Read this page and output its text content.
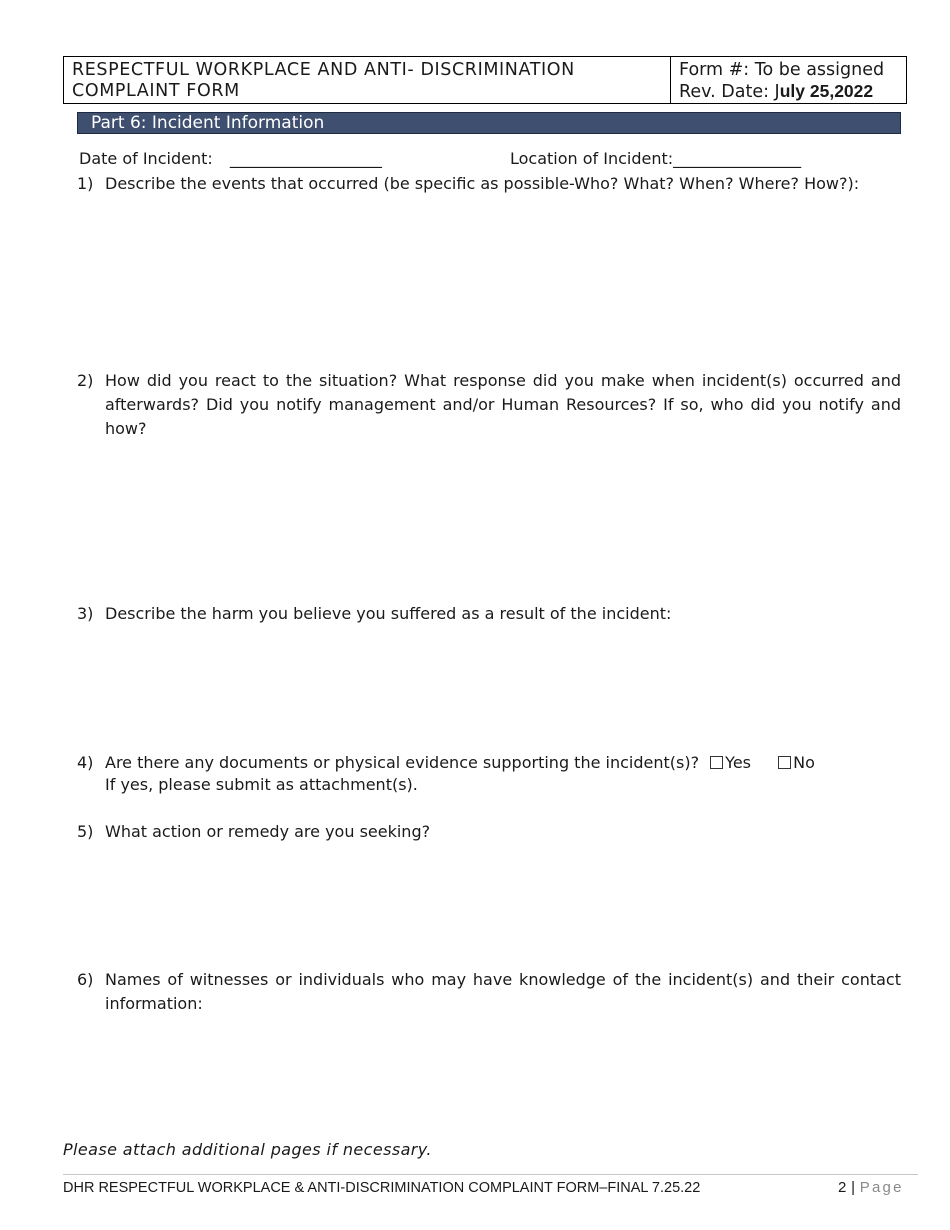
RESPECTFUL WORKPLACE AND ANTI- DISCRIMINATION
COMPLAINT FORM
Form #: To be assigned
Rev. Date: July 25,2022
Part 6: Incident Information
Date of Incident: ___________________	Location of Incident:________________
1) Describe the events that occurred (be specific as possible-Who? What? When? Where? How?):
2) How did you react to the situation? What response did you make when incident(s) occurred and afterwards? Did you notify management and/or Human Resources? If so, who did you notify and how?
3) Describe the harm you believe you suffered as a result of the incident:
4) Are there any documents or physical evidence supporting the incident(s)? Yes	No
If yes, please submit as attachment(s).
5) What action or remedy are you seeking?
6) Names of witnesses or individuals who may have knowledge of the incident(s) and their contact information:
Please attach additional pages if necessary.
DHR RESPECTFUL WORKPLACE & ANTI-DISCRIMINATION COMPLAINT FORM–FINAL 7.25.22	2 | Page
